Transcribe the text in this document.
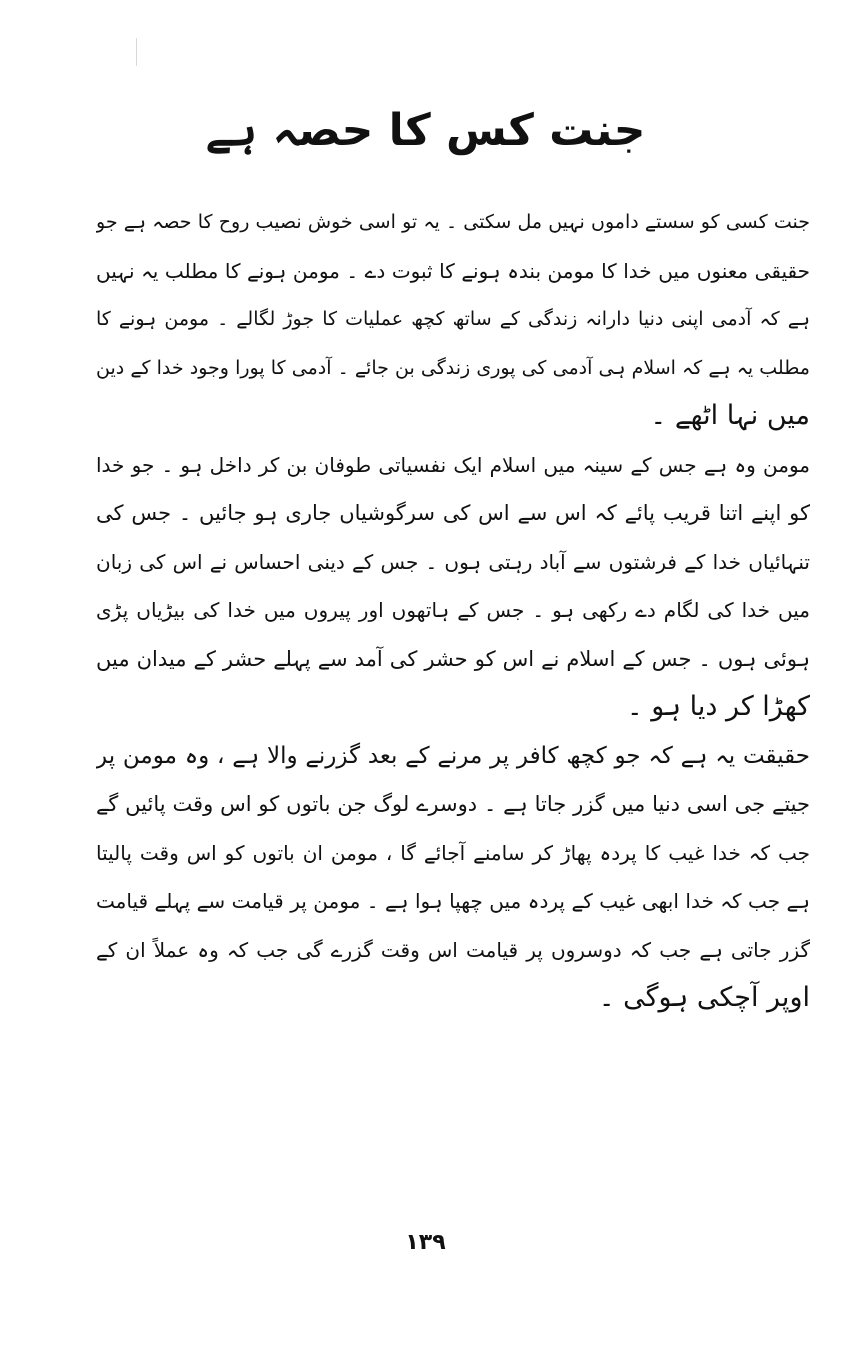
جنت کس کا حصہ ہے
جنت کسی کو سستے داموں نہیں مل سکتی ۔ یہ تو اسی خوش نصیب روح کا حصہ ہے جو
حقیقی معنوں میں خدا کا مومن بندہ ہونے کا ثبوت دے ۔ مومن ہونے کا مطلب یہ نہیں
ہے کہ آدمی اپنی دنیا دارانہ زندگی کے ساتھ کچھ عملیات کا جوڑ لگالے ۔ مومن ہونے کا
مطلب یہ ہے کہ اسلام ہی آدمی کی پوری زندگی بن جائے ۔ آدمی کا پورا وجود خدا کے دین
میں نہا اٹھے ۔
مومن وہ ہے جس کے سینہ میں اسلام ایک نفسیاتی طوفان بن کر داخل ہو ۔ جو خدا
کو اپنے اتنا قریب پائے کہ اس سے اس کی سرگوشیاں جاری ہو جائیں ۔ جس کی
تنہائیاں خدا کے فرشتوں سے آباد رہتی ہوں ۔ جس کے دینی احساس نے اس کی زبان
میں خدا کی لگام دے رکھی ہو ۔ جس کے ہاتھوں اور پیروں میں خدا کی بیڑیاں پڑی
ہوئی ہوں ۔ جس کے اسلام نے اس کو حشر کی آمد سے پہلے حشر کے میدان میں
کھڑا کر دیا ہو ۔
حقیقت یہ ہے کہ جو کچھ کافر پر مرنے کے بعد گزرنے والا ہے ، وہ مومن پر
جیتے جی اسی دنیا میں گزر جاتا ہے ۔ دوسرے لوگ جن باتوں کو اس وقت پائیں گے
جب کہ خدا غیب کا پردہ پھاڑ کر سامنے آجائے گا ، مومن ان باتوں کو اس وقت پالیتا
ہے جب کہ خدا ابھی غیب کے پردہ میں چھپا ہوا ہے ۔ مومن پر قیامت سے پہلے قیامت
گزر جاتی ہے جب کہ دوسروں پر قیامت اس وقت گزرے گی جب کہ وہ عملاً ان کے
اوپر آچکی ہوگی ۔
۱۳۹
